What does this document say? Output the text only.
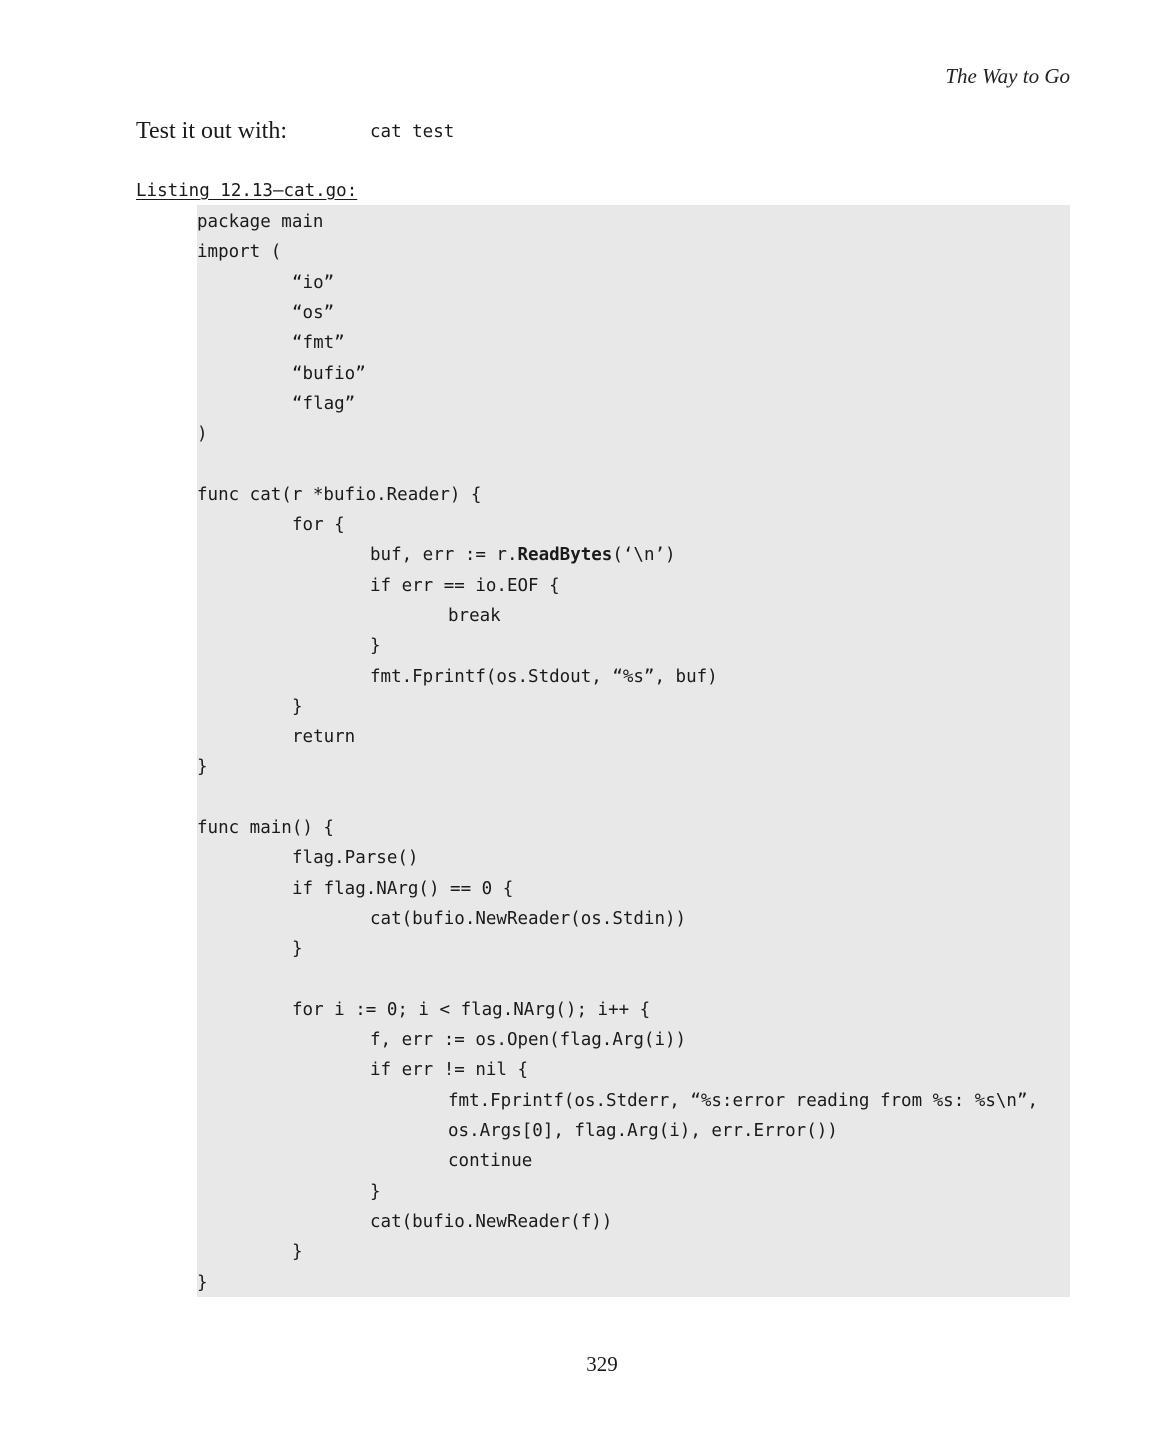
The Way to Go
Test it out with:	cat test
Listing 12.13—cat.go:
package main
import (
“io”
“os”
“fmt”
“bufio”
“flag”
)
func cat(r *bufio.Reader) {
for {
buf, err := r.ReadBytes(‘\n’)
if err == io.EOF {
break
}
fmt.Fprintf(os.Stdout, “%s”, buf)
}
return
}
func main() {
flag.Parse()
if flag.NArg() == 0 {
cat(bufio.NewReader(os.Stdin))
}
for i := 0; i < flag.NArg(); i++ {
f, err := os.Open(flag.Arg(i))
if err != nil {
fmt.Fprintf(os.Stderr, “%s:error reading from %s: %s\n”,
os.Args[0], flag.Arg(i), err.Error())
continue
}
cat(bufio.NewReader(f))
}
}
329
